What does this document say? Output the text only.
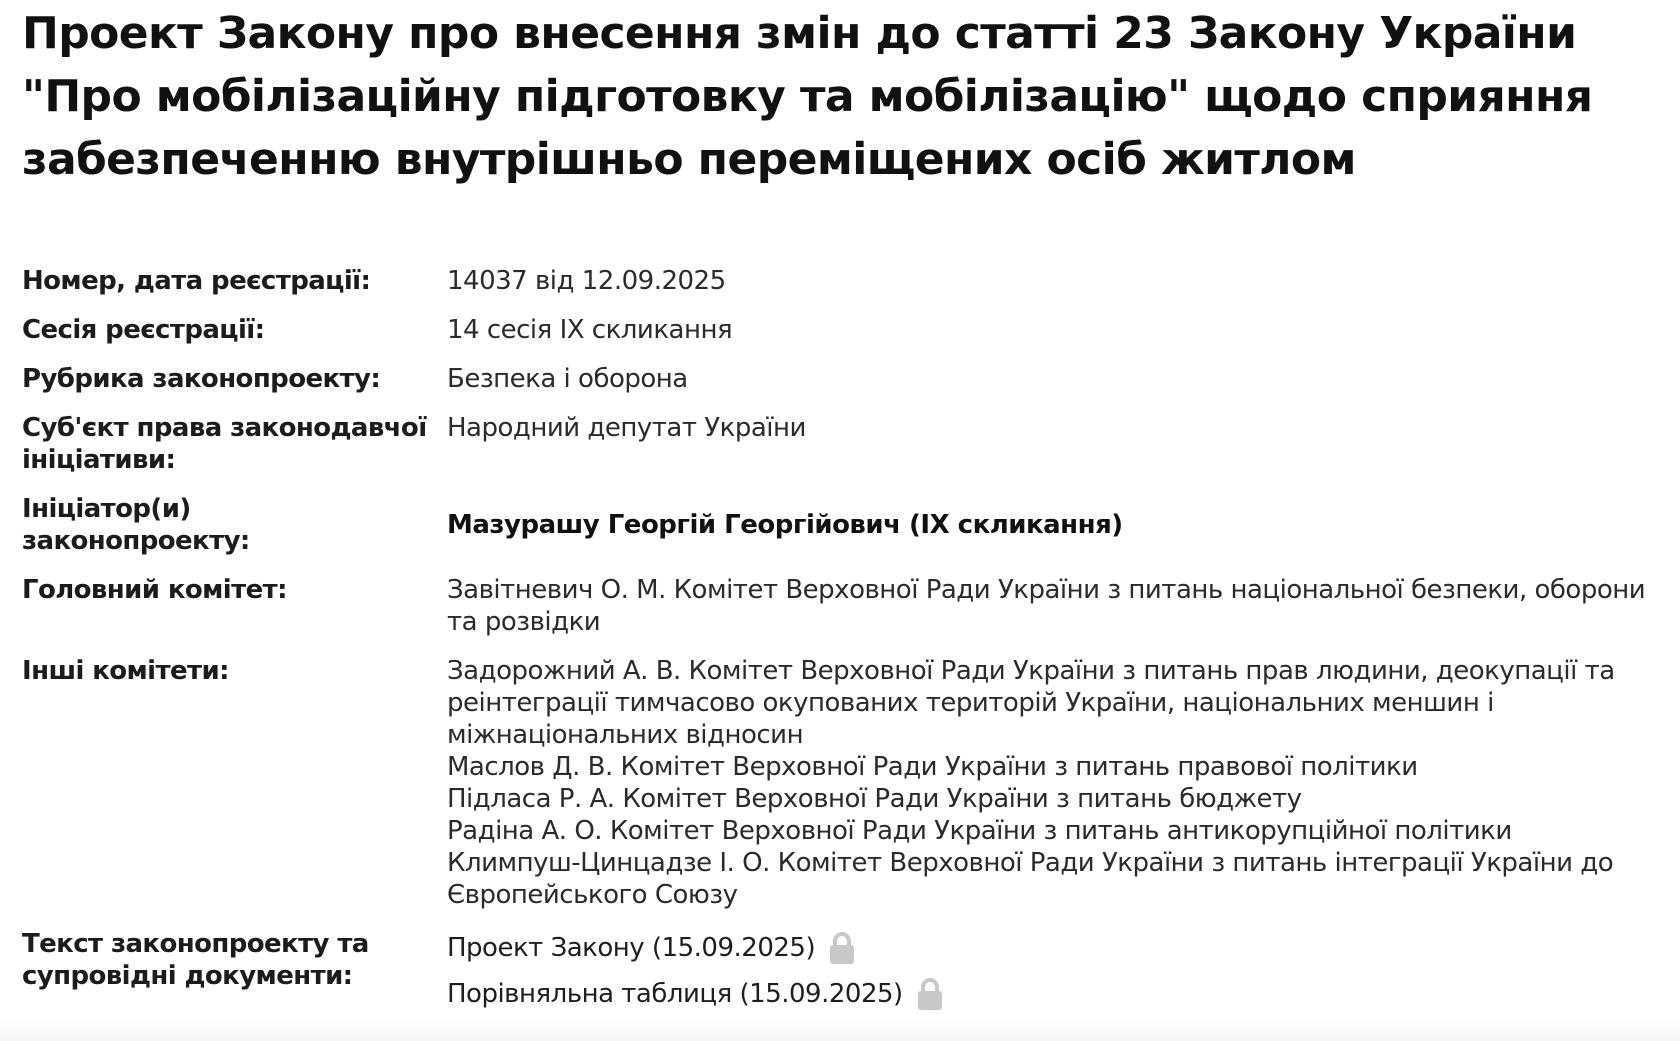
Проект Закону про внесення змін до статті 23 Закону України "Про мобілізаційну підготовку та мобілізацію" щодо сприяння забезпеченню внутрішньо переміщених осіб житлом
Номер, дата реєстрації:	14037 від 12.09.2025
Сесія реєстрації:	14 сесія IX скликання
Рубрика законопроекту:	Безпека і оборона
Суб'єкт права законодавчої ініціативи:
Народний депутат України
Ініціатор(и) законопроекту:
Мазурашу Георгій Георгійович (IX скликання)
Головний комітет:	Завітневич О. М. Комітет Верховної Ради України з питань національної безпеки, оборони та розвідки
Інші комітети:	Задорожний А. В. Комітет Верховної Ради України з питань прав людини, деокупації та реінтеграції тимчасово окупованих територій України, національних меншин і міжнаціональних відносин
Маслов Д. В. Комітет Верховної Ради України з питань правової політики
Підласа Р. А. Комітет Верховної Ради України з питань бюджету
Радіна А. О. Комітет Верховної Ради України з питань антикорупційної політики
Климпуш-Цинцадзе І. О. Комітет Верховної Ради України з питань інтеграції України до Європейського Союзу
Текст законопроекту та супровідні документи:
Проект Закону (15.09.2025)
Порівняльна таблиця (15.09.2025)
